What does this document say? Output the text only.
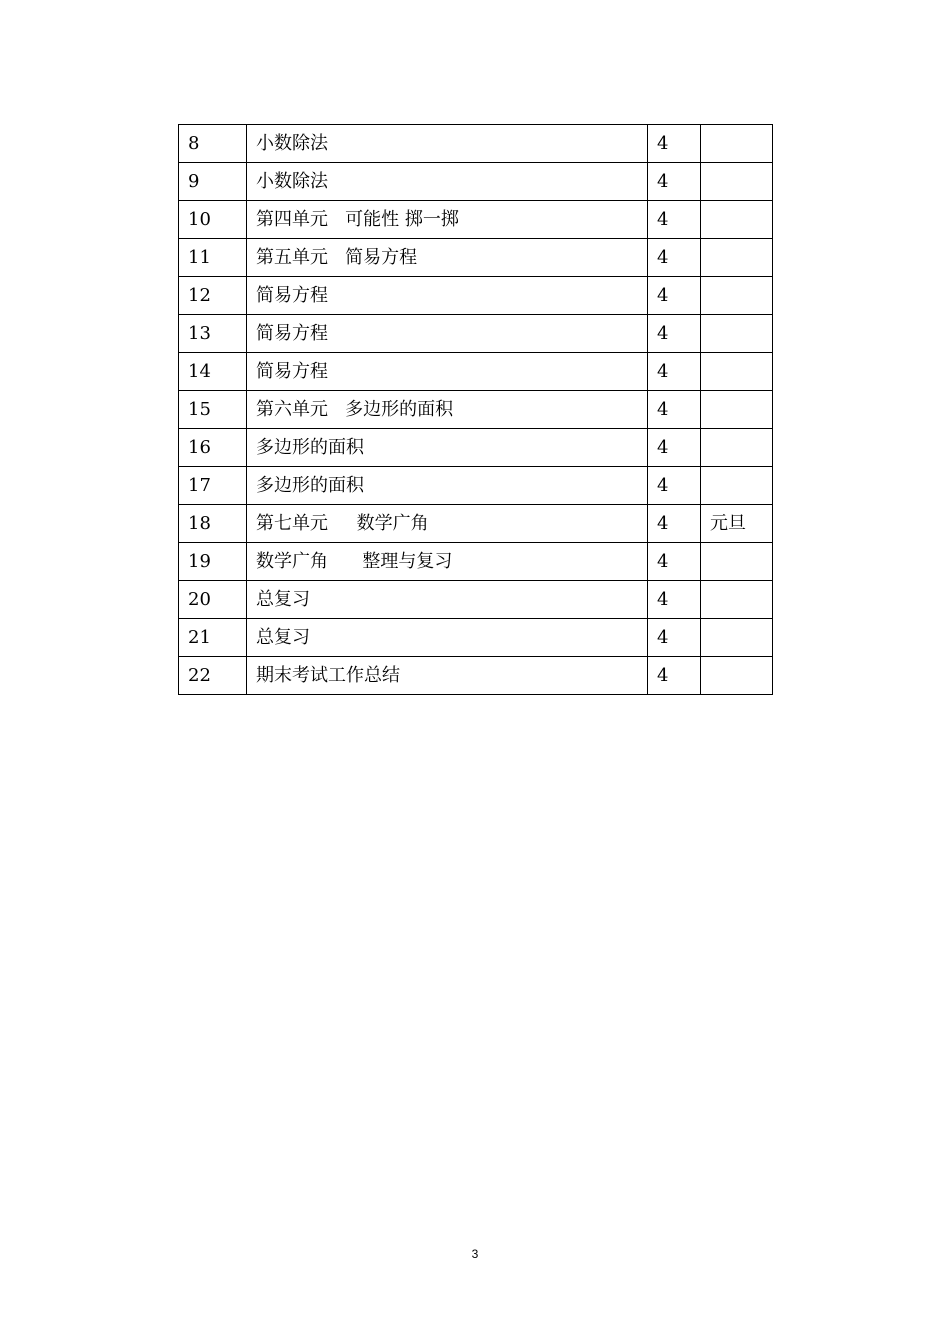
8	小数除法	4	
9	小数除法	4	
10	第四单元   可能性 掷一掷	4	
11	第五单元   简易方程	4	
12	简易方程	4	
13	简易方程	4	
14	简易方程	4	
15	第六单元   多边形的面积	4	
16	多边形的面积	4	
17	多边形的面积	4	
18	第七单元     数学广角	4	元旦
19	数学广角      整理与复习	4	
20	总复习	4	
21	总复习	4	
22	期末考试工作总结	4	
3
